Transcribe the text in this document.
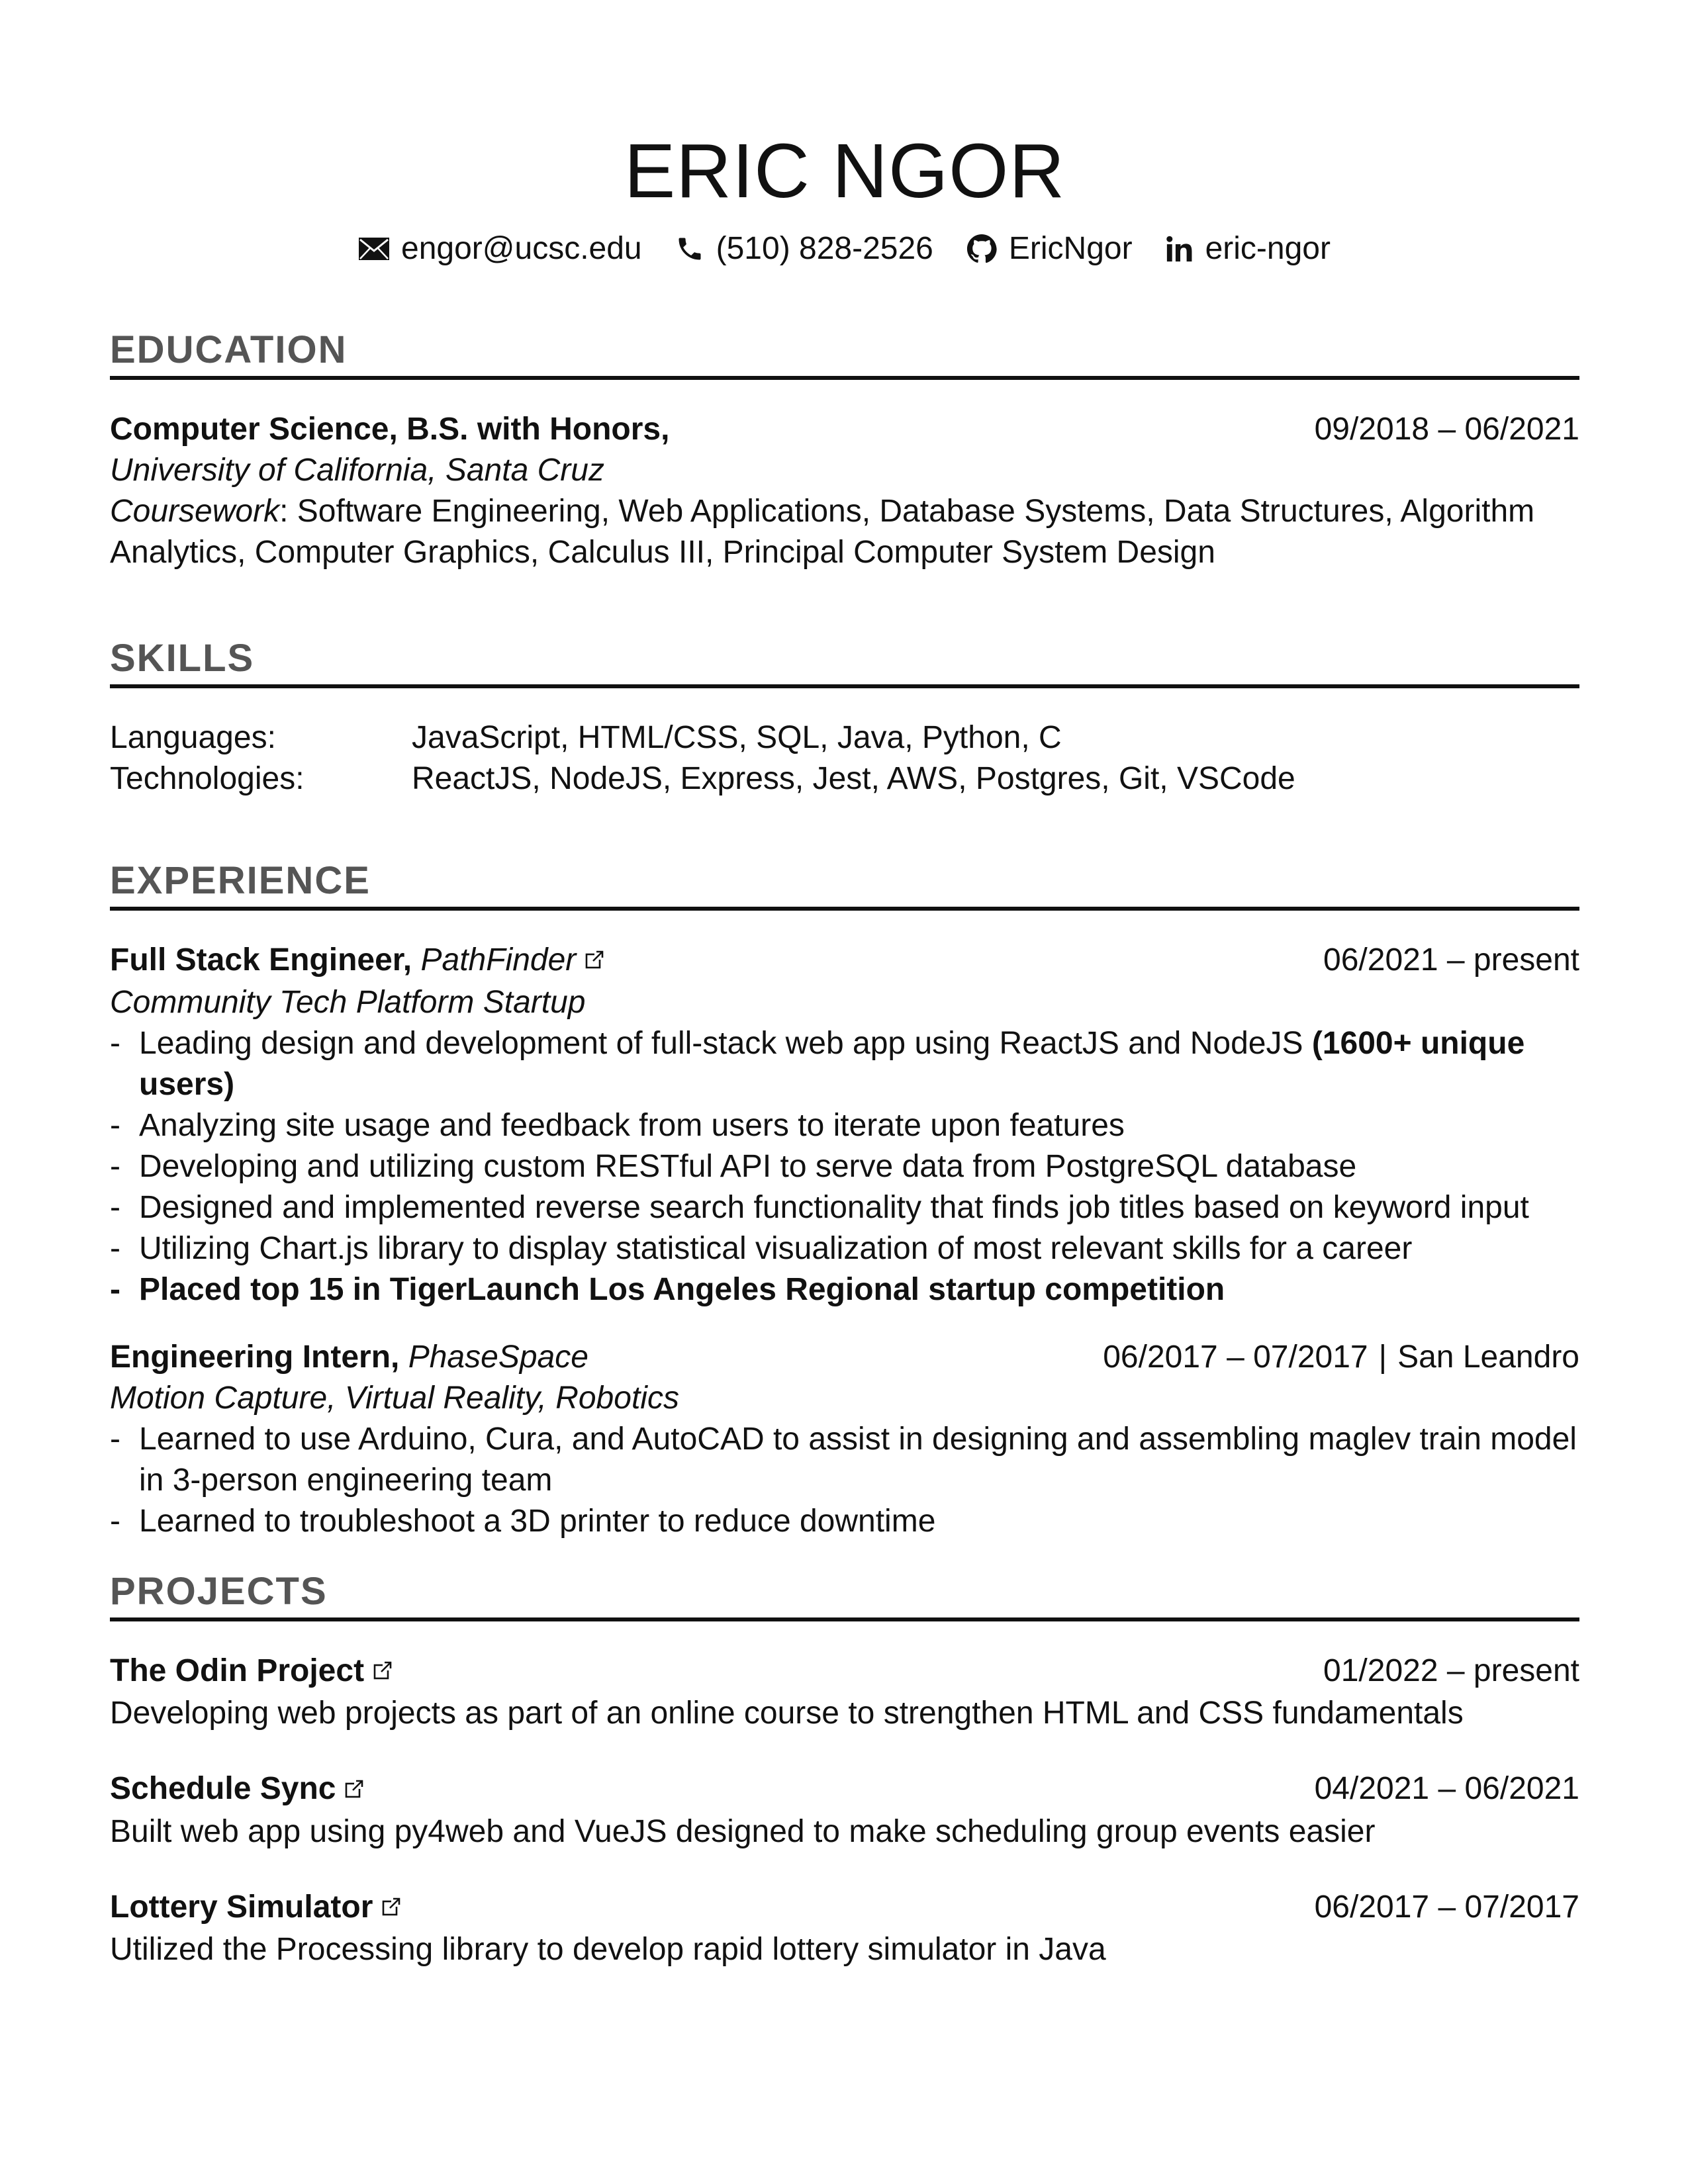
ERIC NGOR
engor@ucsc.edu (510) 828-2526 EricNgor eric-ngor
EDUCATION
Computer Science, B.S. with Honors,	09/2018 – 06/2021
University of California, Santa Cruz
Coursework: Software Engineering, Web Applications, Database Systems, Data Structures, Algorithm
Analytics, Computer Graphics, Calculus III, Principal Computer System Design
SKILLS
Languages:	JavaScript, HTML/CSS, SQL, Java, Python, C
Technologies:	ReactJS, NodeJS, Express, Jest, AWS, Postgres, Git, VSCode
EXPERIENCE
Full Stack Engineer, PathFinder	06/2021 – present
Community Tech Platform Startup
- Leading design and development of full-stack web app using ReactJS and NodeJS (1600+ unique users)
- Analyzing site usage and feedback from users to iterate upon features
- Developing and utilizing custom RESTful API to serve data from PostgreSQL database
- Designed and implemented reverse search functionality that finds job titles based on keyword input
- Utilizing Chart.js library to display statistical visualization of most relevant skills for a career
- Placed top 15 in TigerLaunch Los Angeles Regional startup competition
Engineering Intern, PhaseSpace	06/2017 – 07/2017 | San Leandro
Motion Capture, Virtual Reality, Robotics
- Learned to use Arduino, Cura, and AutoCAD to assist in designing and assembling maglev train model in 3-person engineering team
- Learned to troubleshoot a 3D printer to reduce downtime
PROJECTS
The Odin Project	01/2022 – present
Developing web projects as part of an online course to strengthen HTML and CSS fundamentals
Schedule Sync	04/2021 – 06/2021
Built web app using py4web and VueJS designed to make scheduling group events easier
Lottery Simulator	06/2017 – 07/2017
Utilized the Processing library to develop rapid lottery simulator in Java
